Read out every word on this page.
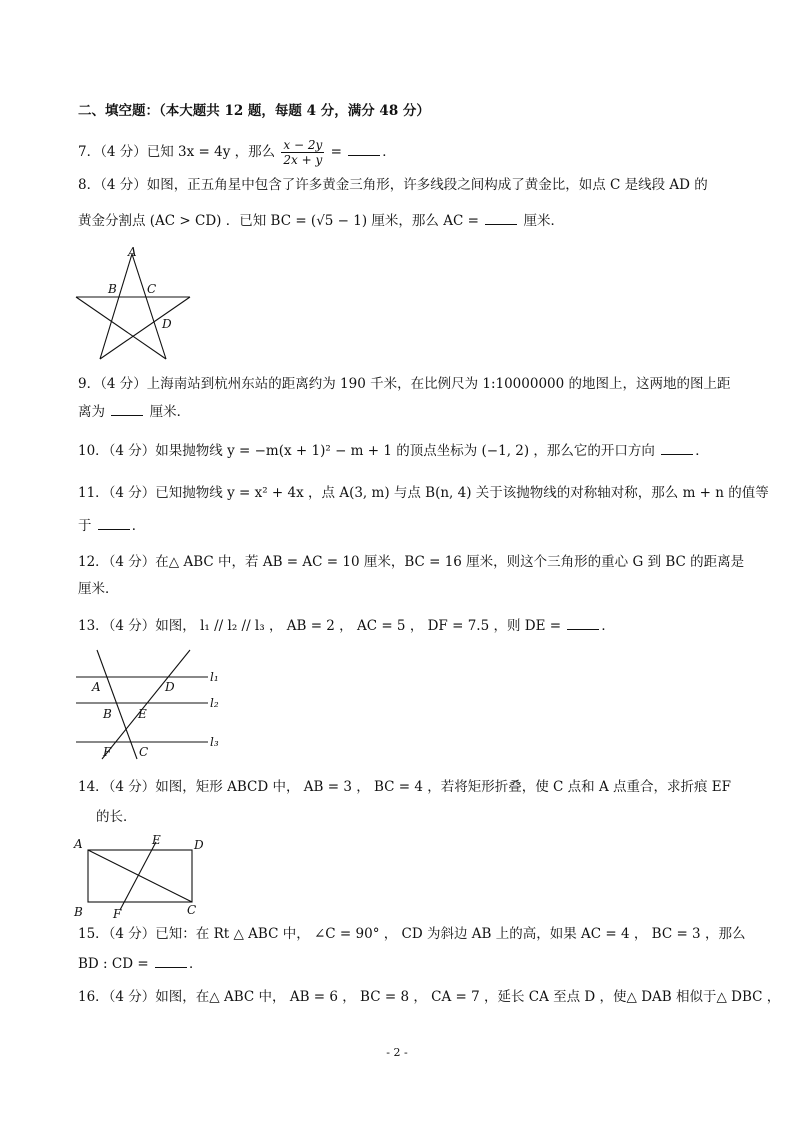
二、填空题：（本大题共 12 题，每题 4 分，满分 48 分）
7．（4 分）已知 3x = 4y ，那么 $\frac{x - 2y}{2x + y}$ =	．
8．（4 分）如图，正五角星中包含了许多黄金三角形，许多线段之间构成了黄金比，如点 C 是线段 AD 的
黄金分割点 (AC > CD) ．已知 BC = (√5 − 1) 厘米，那么 AC =	厘米．
A
B	C
D
9．（4 分）上海南站到杭州东站的距离约为 190 千米，在比例尺为 1:10000000 的地图上，这两地的图上距
离为	厘米．
10．（4 分）如果抛物线 y = −m(x + 1)² − m + 1 的顶点坐标为 (−1, 2) ，那么它的开口方向	．
11．（4 分）已知抛物线 y = x² + 4x ，点 A(3, m) 与点 B(n, 4) 关于该抛物线的对称轴对称，那么 m + n 的值等
于	．
12．（4 分）在△ ABC 中，若 AB = AC = 10 厘米，BC = 16 厘米，则这个三角形的重心 G 到 BC 的距离是
厘米．
13．（4 分）如图， l₁ // l₂ // l₃ ， AB = 2 ， AC = 5 ， DF = 7.5 ，则 DE =	．
A	D
B E
F C
l₁
l₂
l₃
14．（4 分）如图，矩形 ABCD 中， AB = 3 ， BC = 4 ，若将矩形折叠，使 C 点和 A 点重合，求折痕 EF
的长．
A	E	D
B	F	C
15．（4 分）已知：在 Rt △ ABC 中， ∠C = 90° ， CD 为斜边 AB 上的高，如果 AC = 4 ， BC = 3 ，那么
BD : CD =	．
16．（4 分）如图，在△ ABC 中， AB = 6 ， BC = 8 ， CA = 7 ，延长 CA 至点 D ，使△ DAB 相似于△ DBC ，
- 2 -
